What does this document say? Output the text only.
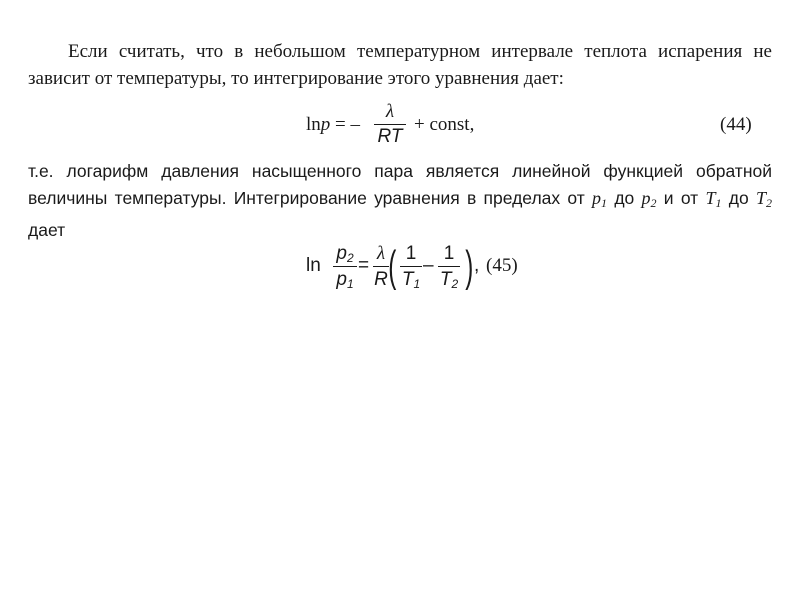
Если считать, что в небольшом температурном интервале теплота испарения не зависит от температуры, то интегрирование этого уравнения дает:

lnp = –
λ
RT
+ const,	(44)

т.е. логарифм давления насыщенного пара является линейной функцией обратной величины температуры. Интегрирование уравнения в пределах от $p_1$ до $p_2$ и от $T_1$ до $T_2$ дает

ln
$p_2$
$p_1$
=
λ
R ( 1
$T_1$
–
1
$T_2$ ) , (45)
